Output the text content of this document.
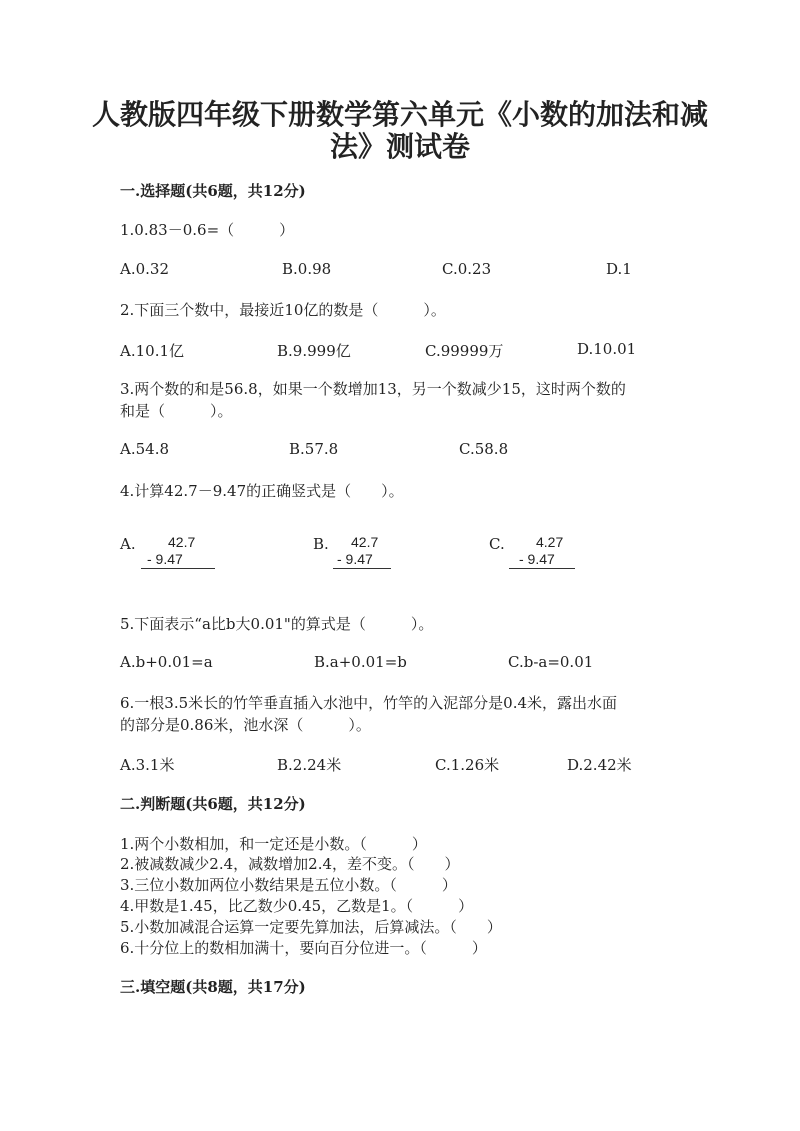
人教版四年级下册数学第六单元《小数的加法和减
法》测试卷
一.选择题(共6题，共12分)
1.0.83－0.6=（　　　）
A.0.32	B.0.98	C.0.23	D.1
2.下面三个数中，最接近10亿的数是（　　　）。
A.10.1亿	B.9.999亿	C.99999万	D.10.01
3.两个数的和是56.8，如果一个数增加13，另一个数减少15，这时两个数的
和是（　　　）。
A.54.8	B.57.8	C.58.8
4.计算42.7－9.47的正确竖式是（　　）。
A. 42.7
- 9.47
B. 42.7
- 9.47
C. 4.27
- 9.47
5.下面表示“a比b大0.01"的算式是（　　　）。
A.b+0.01=a	B.a+0.01=b	C.b-a=0.01
6.一根3.5米长的竹竿垂直插入水池中，竹竿的入泥部分是0.4米，露出水面
的部分是0.86米，池水深（　　　）。
A.3.1米	B.2.24米	C.1.26米	D.2.42米
二.判断题(共6题，共12分)
1.两个小数相加，和一定还是小数。（　　　）
2.被减数减少2.4，减数增加2.4，差不变。（　　）
3.三位小数加两位小数结果是五位小数。（　　　）
4.甲数是1.45，比乙数少0.45，乙数是1。（　　　）
5.小数加减混合运算一定要先算加法，后算减法。（　　）
6.十分位上的数相加满十，要向百分位进一。（　　　）
三.填空题(共8题，共17分)
